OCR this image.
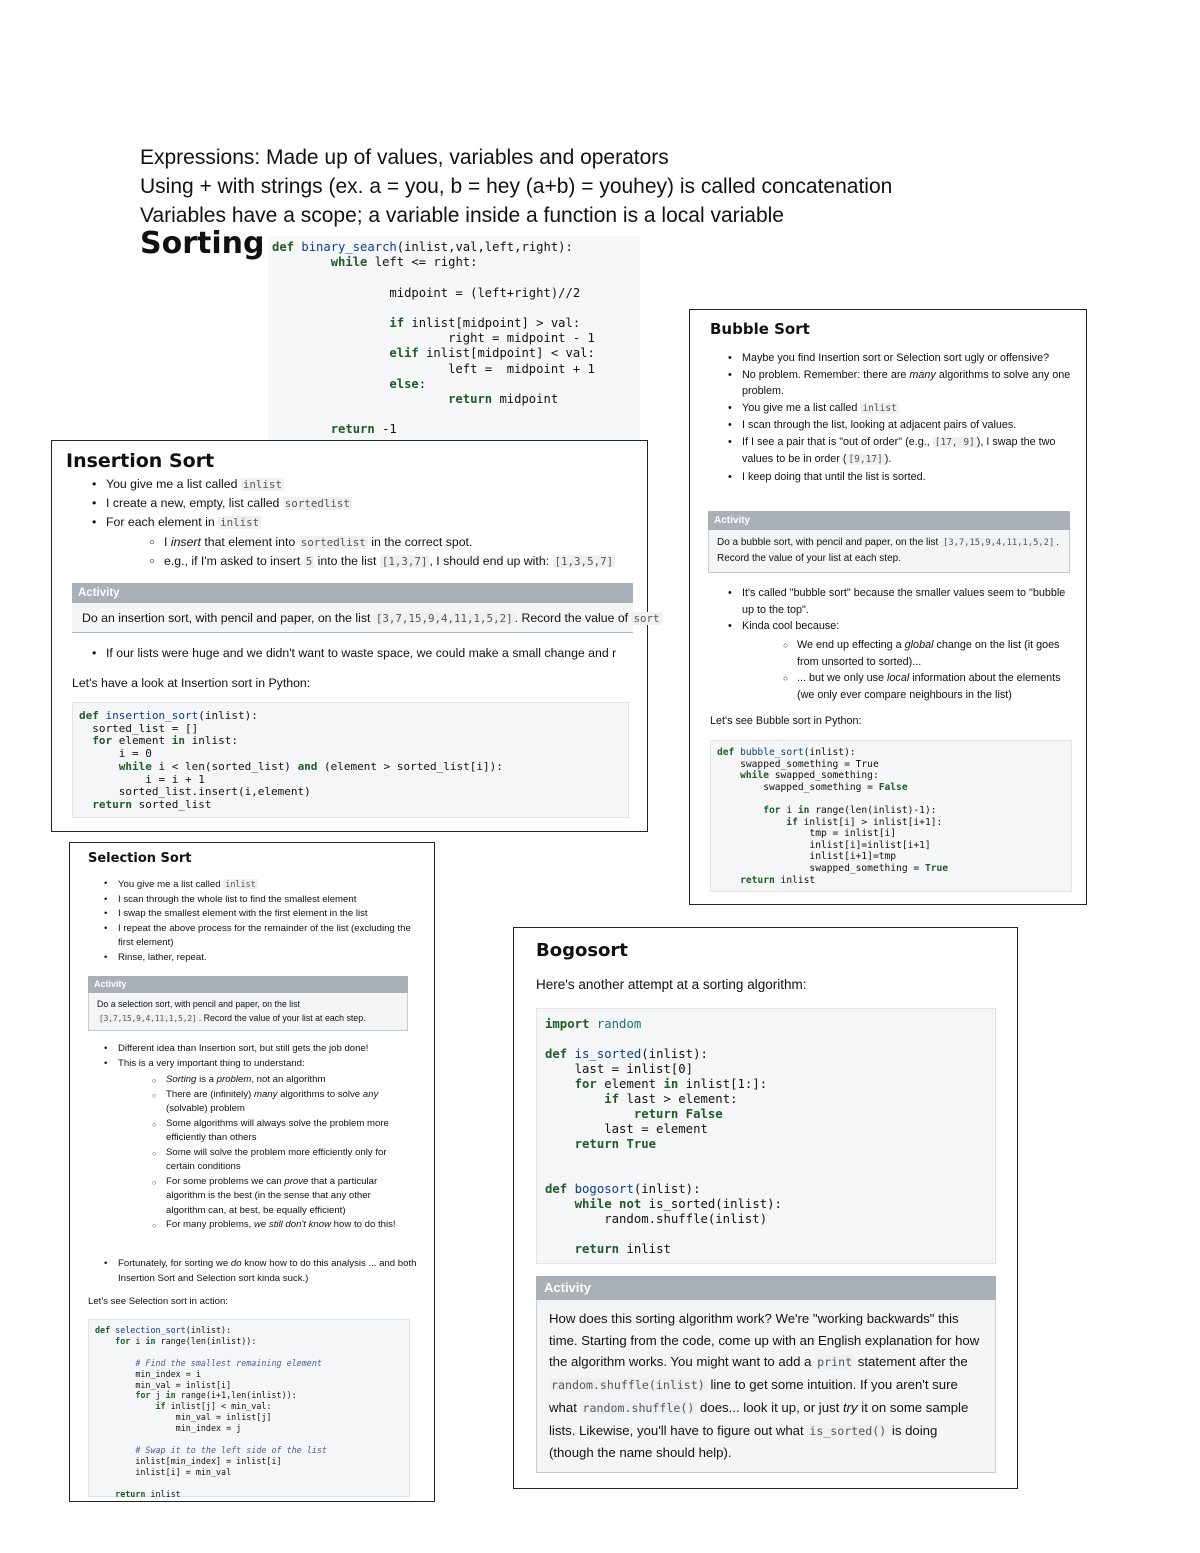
Expressions: Made up of values, variables and operators
Using + with strings (ex. a = you, b = hey (a+b) = youhey) is called concatenation
Variables have a scope; a variable inside a function is a local variable
Sorting def binary_search(inlist,val,left,right):
while left <= right:

midpoint = (left+right)//2

if inlist[midpoint] > val:
right = midpoint - 1
elif inlist[midpoint] < val:
left =  midpoint + 1
else:
return midpoint

return -1
Insertion Sort
• You give me a list called inlist
• I create a new, empty, list called sortedlist
• For each element in inlist
▫ I insert that element into sortedlist in the correct spot.
▫ e.g., if I'm asked to insert 5 into the list [1,3,7] , I should end up with: [1,3,5,7]
Activity
Do an insertion sort, with pencil and paper, on the list [3,7,15,9,4,11,1,5,2] . Record the value of sort
• If our lists were huge and we didn't want to waste space, we could make a small change and r
Let's have a look at Insertion sort in Python:
def insertion_sort(inlist):
sorted_list = []
for element in inlist:
i = 0
while i < len(sorted_list) and (element > sorted_list[i]):
i = i + 1
sorted_list.insert(i,element)
return sorted_list
Bubble Sort
• Maybe you find Insertion sort or Selection sort ugly or offensive?
• No problem. Remember: there are many algorithms to solve any one problem.
• You give me a list called inlist
• I scan through the list, looking at adjacent pairs of values.
• If I see a pair that is "out of order" (e.g., [17, 9] ), I swap the two values to be in order ( [9,17] ).
• I keep doing that until the list is sorted.
Activity
Do a bubble sort, with pencil and paper, on the list [3,7,15,9,4,11,1,5,2] . Record the value of your list at each step.
• It's called "bubble sort" because the smaller values seem to "bubble up to the top".
• Kinda cool because:
○ We end up effecting a global change on the list (it goes from unsorted to sorted)...
○ ... but we only use local information about the elements (we only ever compare neighbours in the list)
Let's see Bubble sort in Python:
def bubble_sort(inlist):
swapped_something = True
while swapped_something:
swapped_something = False

for i in range(len(inlist)-1):
if inlist[i] > inlist[i+1]:
tmp = inlist[i]
inlist[i]=inlist[i+1]
inlist[i+1]=tmp
swapped_something = True
return inlist
Selection Sort
• You give me a list called inlist
• I scan through the whole list to find the smallest element
• I swap the smallest element with the first element in the list
• I repeat the above process for the remainder of the list (excluding the first element)
• Rinse, lather, repeat.
Activity
Do a selection sort, with pencil and paper, on the list [3,7,15,9,4,11,1,5,2] . Record the value of your list at each step.
• Different idea than Insertion sort, but still gets the job done!
• This is a very important thing to understand:
○ Sorting is a problem, not an algorithm
○ There are (infinitely) many algorithms to solve any (solvable) problem
○ Some algorithms will always solve the problem more efficiently than others
○ Some will solve the problem more efficiently only for certain conditions
○ For some problems we can prove that a particular algorithm is the best (in the sense that any other algorithm can, at best, be equally efficient)
○ For many problems, we still don't know how to do this!
• Fortunately, for sorting we do know how to do this analysis ... and both Insertion Sort and Selection sort kinda suck.)
Let's see Selection sort in action:
def selection_sort(inlist):
for i in range(len(inlist)):

# Find the smallest remaining element
min_index = i
min_val = inlist[i]
for j in range(i+1,len(inlist)):
if inlist[j] < min_val:
min_val = inlist[j]
min_index = j

# Swap it to the left side of the list
inlist[min_index] = inlist[i]
inlist[i] = min_val

return inlist
Bogosort
Here's another attempt at a sorting algorithm:
import random

def is_sorted(inlist):
last = inlist[0]
for element in inlist[1:]:
if last > element:
return False
last = element
return True

def bogosort(inlist):
while not is_sorted(inlist):
random.shuffle(inlist)

return inlist
Activity
How does this sorting algorithm work? We're "working backwards" this time. Starting from the code, come up with an English explanation for how the algorithm works. You might want to add a print statement after the random.shuffle(inlist) line to get some intuition. If you aren't sure what random.shuffle() does... look it up, or just try it on some sample lists. Likewise, you'll have to figure out what is_sorted() is doing (though the name should help).
